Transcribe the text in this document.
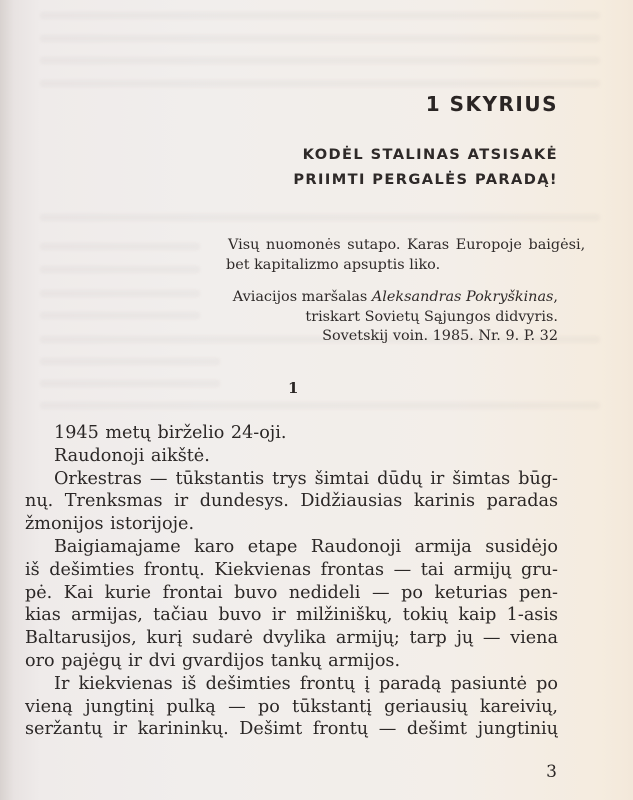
1 SKYRIUS
KODĖL STALINAS ATSISAKĖ
PRIIMTI PERGALĖS PARADĄ!
Visų nuomonės sutapo. Karas Europoje baigėsi,
bet kapitalizmo apsuptis liko.
Aviacijos maršalas Aleksandras Pokryškinas,
triskart Sovietų Sąjungos didvyris.
Sovetskij voin. 1985. Nr. 9. P. 32
1
1945 metų birželio 24-oji.
Raudonoji aikštė.
Orkestras — tūkstantis trys šimtai dūdų ir šimtas būg-
nų. Trenksmas ir dundesys. Didžiausias karinis paradas
žmonijos istorijoje.
Baigiamajame karo etape Raudonoji armija susidėjo
iš dešimties frontų. Kiekvienas frontas — tai armijų gru-
pė. Kai kurie frontai buvo nedideli — po keturias pen-
kias armijas, tačiau buvo ir milžiniškų, tokių kaip 1-asis
Baltarusijos, kurį sudarė dvylika armijų; tarp jų — viena
oro pajėgų ir dvi gvardijos tankų armijos.
Ir kiekvienas iš dešimties frontų į paradą pasiuntė po
vieną jungtinį pulką — po tūkstantį geriausių kareivių,
seržantų ir karininkų. Dešimt frontų — dešimt jungtinių
3
